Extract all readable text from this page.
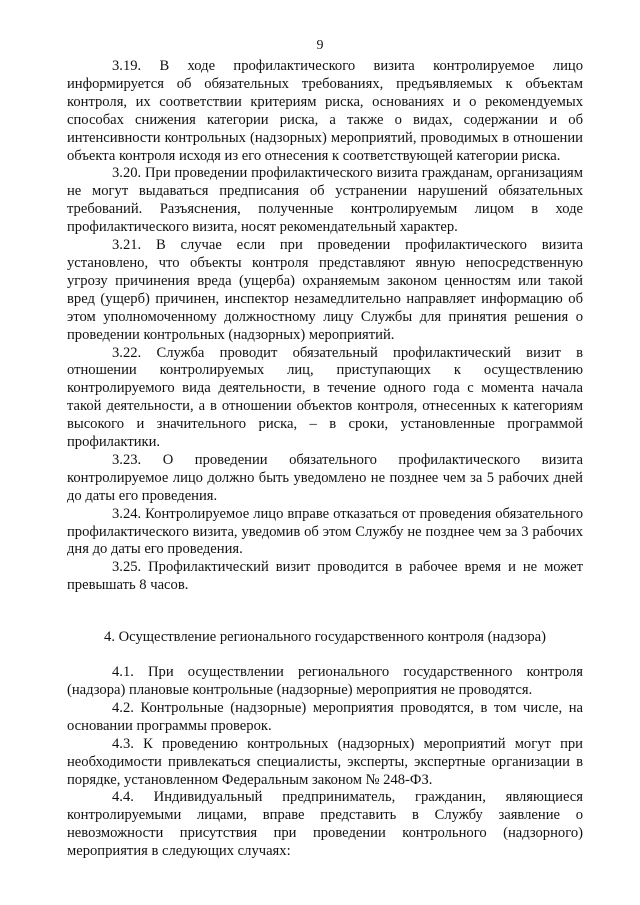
9

3.19. В ходе профилактического визита контролируемое лицо информируется об обязательных требованиях, предъявляемых к объектам контроля, их соответствии критериям риска, основаниях и о рекомендуемых способах снижения категории риска, а также о видах, содержании и об интенсивности контрольных (надзорных) мероприятий, проводимых в отношении объекта контроля исходя из его отнесения к соответствующей категории риска.

3.20. При проведении профилактического визита гражданам, организациям не могут выдаваться предписания об устранении нарушений обязательных требований. Разъяснения, полученные контролируемым лицом в ходе профилактического визита, носят рекомендательный характер.

3.21. В случае если при проведении профилактического визита установлено, что объекты контроля представляют явную непосредственную угрозу причинения вреда (ущерба) охраняемым законом ценностям или такой вред (ущерб) причинен, инспектор незамедлительно направляет информацию об этом уполномоченному должностному лицу Службы для принятия решения о проведении контрольных (надзорных) мероприятий.

3.22. Служба проводит обязательный профилактический визит в отношении контролируемых лиц, приступающих к осуществлению контролируемого вида деятельности, в течение одного года с момента начала такой деятельности, а в отношении объектов контроля, отнесенных к категориям высокого и значительного риска, – в сроки, установленные программой профилактики.

3.23. О проведении обязательного профилактического визита контролируемое лицо должно быть уведомлено не позднее чем за 5 рабочих дней до даты его проведения.

3.24. Контролируемое лицо вправе отказаться от проведения обязательного профилактического визита, уведомив об этом Службу не позднее чем за 3 рабочих дня до даты его проведения.

3.25. Профилактический визит проводится в рабочее время и не может превышать 8 часов.

4. Осуществление регионального государственного контроля (надзора)

4.1. При осуществлении регионального государственного контроля (надзора) плановые контрольные (надзорные) мероприятия не проводятся.

4.2. Контрольные (надзорные) мероприятия проводятся, в том числе, на основании программы проверок.

4.3. К проведению контрольных (надзорных) мероприятий могут при необходимости привлекаться специалисты, эксперты, экспертные организации в порядке, установленном Федеральным законом № 248-ФЗ.

4.4. Индивидуальный предприниматель, гражданин, являющиеся контролируемыми лицами, вправе представить в Службу заявление о невозможности присутствия при проведении контрольного (надзорного) мероприятия в следующих случаях:
